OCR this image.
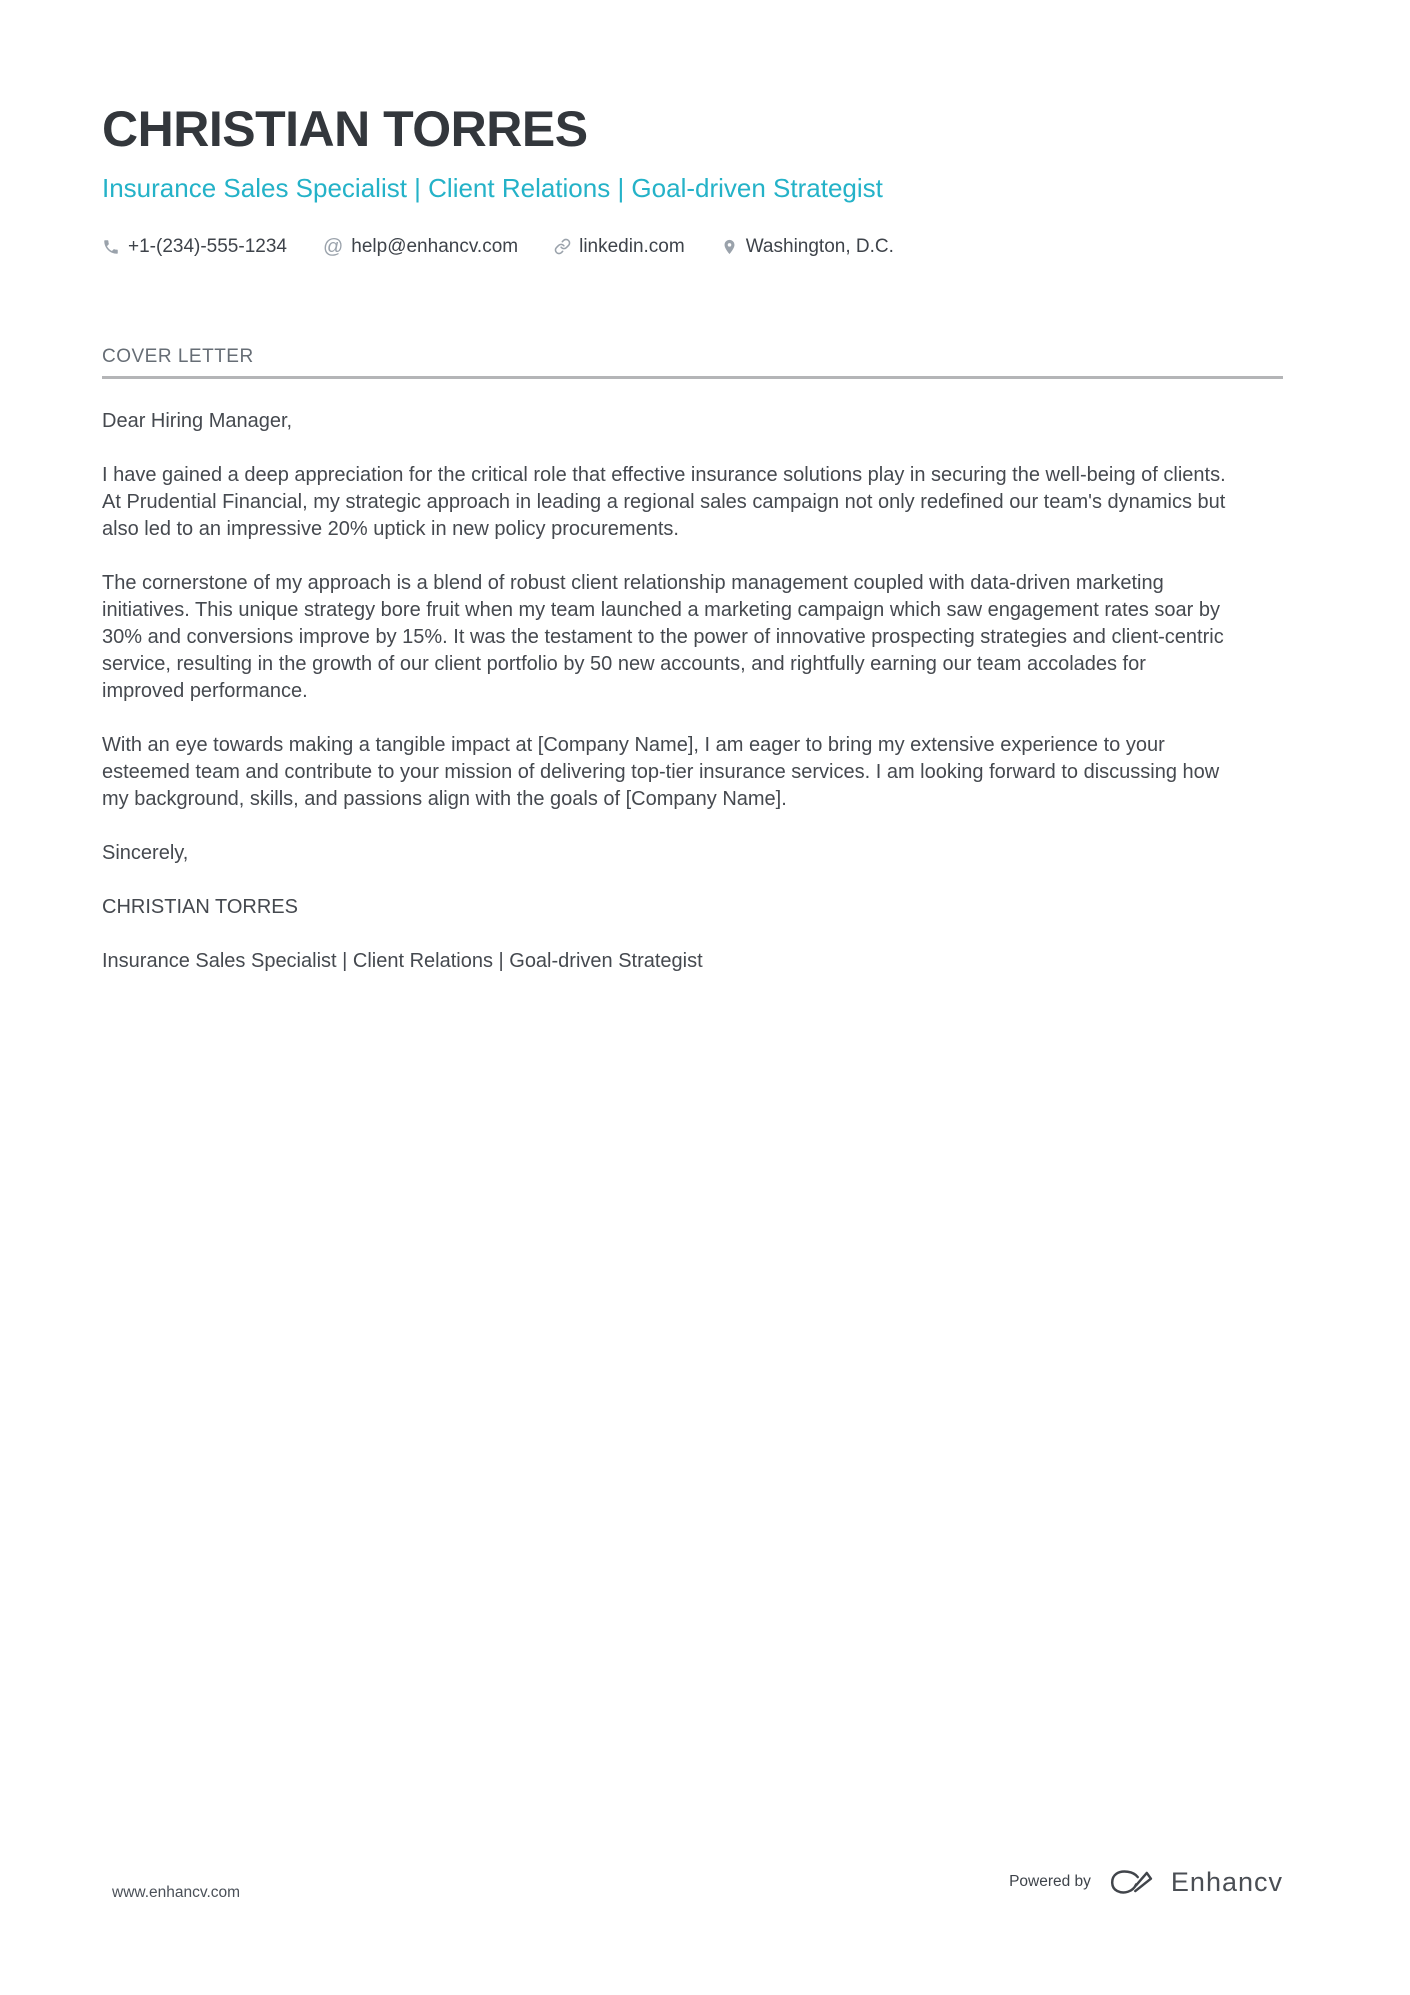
CHRISTIAN TORRES
Insurance Sales Specialist | Client Relations | Goal-driven Strategist
+1-(234)-555-1234 @ help@enhancv.com	linkedin.com	Washington, D.C.
COVER LETTER

Dear Hiring Manager,

I have gained a deep appreciation for the critical role that effective insurance solutions play in securing the well-being of clients. At Prudential Financial, my strategic approach in leading a regional sales campaign not only redefined our team's dynamics but also led to an impressive 20% uptick in new policy procurements.

The cornerstone of my approach is a blend of robust client relationship management coupled with data-driven marketing initiatives. This unique strategy bore fruit when my team launched a marketing campaign which saw engagement rates soar by 30% and conversions improve by 15%. It was the testament to the power of innovative prospecting strategies and client-centric service, resulting in the growth of our client portfolio by 50 new accounts, and rightfully earning our team accolades for improved performance.

With an eye towards making a tangible impact at [Company Name], I am eager to bring my extensive experience to your esteemed team and contribute to your mission of delivering top-tier insurance services. I am looking forward to discussing how my background, skills, and passions align with the goals of [Company Name].

Sincerely,

CHRISTIAN TORRES

Insurance Sales Specialist | Client Relations | Goal-driven Strategist

www.enhancv.com
Powered by	Enhancv
